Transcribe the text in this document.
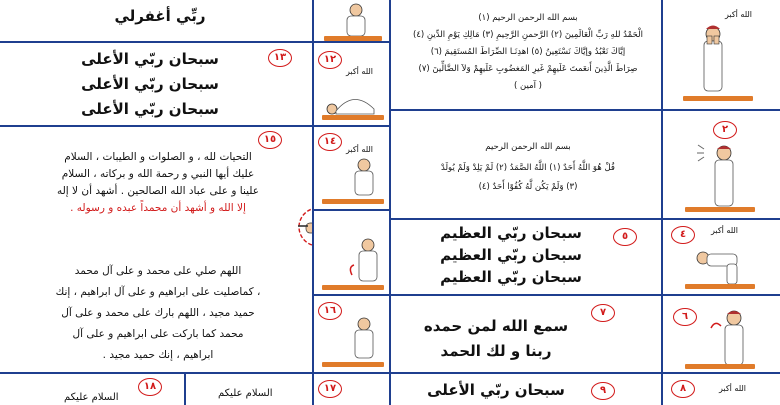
الله أكبر
٢
الله أكبر
٤
٦
الله أكبر
٨
بسم الله الرحمن الرحيم (١)
الْحَمْدُ للهِ رَبِّ الْعَالَمِينَ (٢) الرَّحمنِ الرَّحِيمِ (٣) مَالِكِ يَوْمِ الدِّينِ (٤)
إيَّاكَ نَعْبُدُ وإيَّاكَ نَسْتَعِينُ (٥) اهدِنَـا الصِّرَاطَ المُستَقِيمَ (٦)
صِرَاطَ الَّذِينَ أَنعَمتَ عَلَيهِمْ غَيرِ المَغضُوبِ عَلَيهِمْ وَلاَ الضَّالِّينَ (٧)
( آمين )
بسم الله الرحمن الرحيم
قُلْ هُوَ اللَّهُ أَحَدٌ (١) اللَّهُ الصَّمَدُ (٢) لَمْ يَلِدْ وَلَمْ يُولَدْ
(٣) وَلَمْ يَكُن لَّهُ كُفُوًا أَحَدٌ (٤)
٥
سبحان ربّي العظيم
سبحان ربّي العظيم
سبحان ربّي العظيم
٧
سمع الله لمن حمده
ربنا و لك الحمد
٩
سبحان ربّي الأعلى
١٢
الله أكبر
١٤
الله أكبر
١٦
١٧
ربِّي أغفرلي
١٣
سبحان ربّي الأعلى
سبحان ربّي الأعلى
سبحان ربّي الأعلى
١٥
التحيات لله ، و الصلوات و الطيبات ، السلام
عليك أيها النبي و رحمة الله و بركاته ، السلام
علينا و على عباد الله الصالحين . أشهد أن لا إله
إلا الله و أشهد أن محمداً عبده و رسوله .
اللهم صلي على محمد و على آل محمد
، كماصليت على ابراهيم و على آل ابراهيم ، إنك
حميد مجيد ، اللهم بارك على محمد و على آل
محمد كما باركت على ابراهيم و على آل
ابراهيم ، إنك حميد مجيد .
السلام عليكم
١٨
السلام عليكم
